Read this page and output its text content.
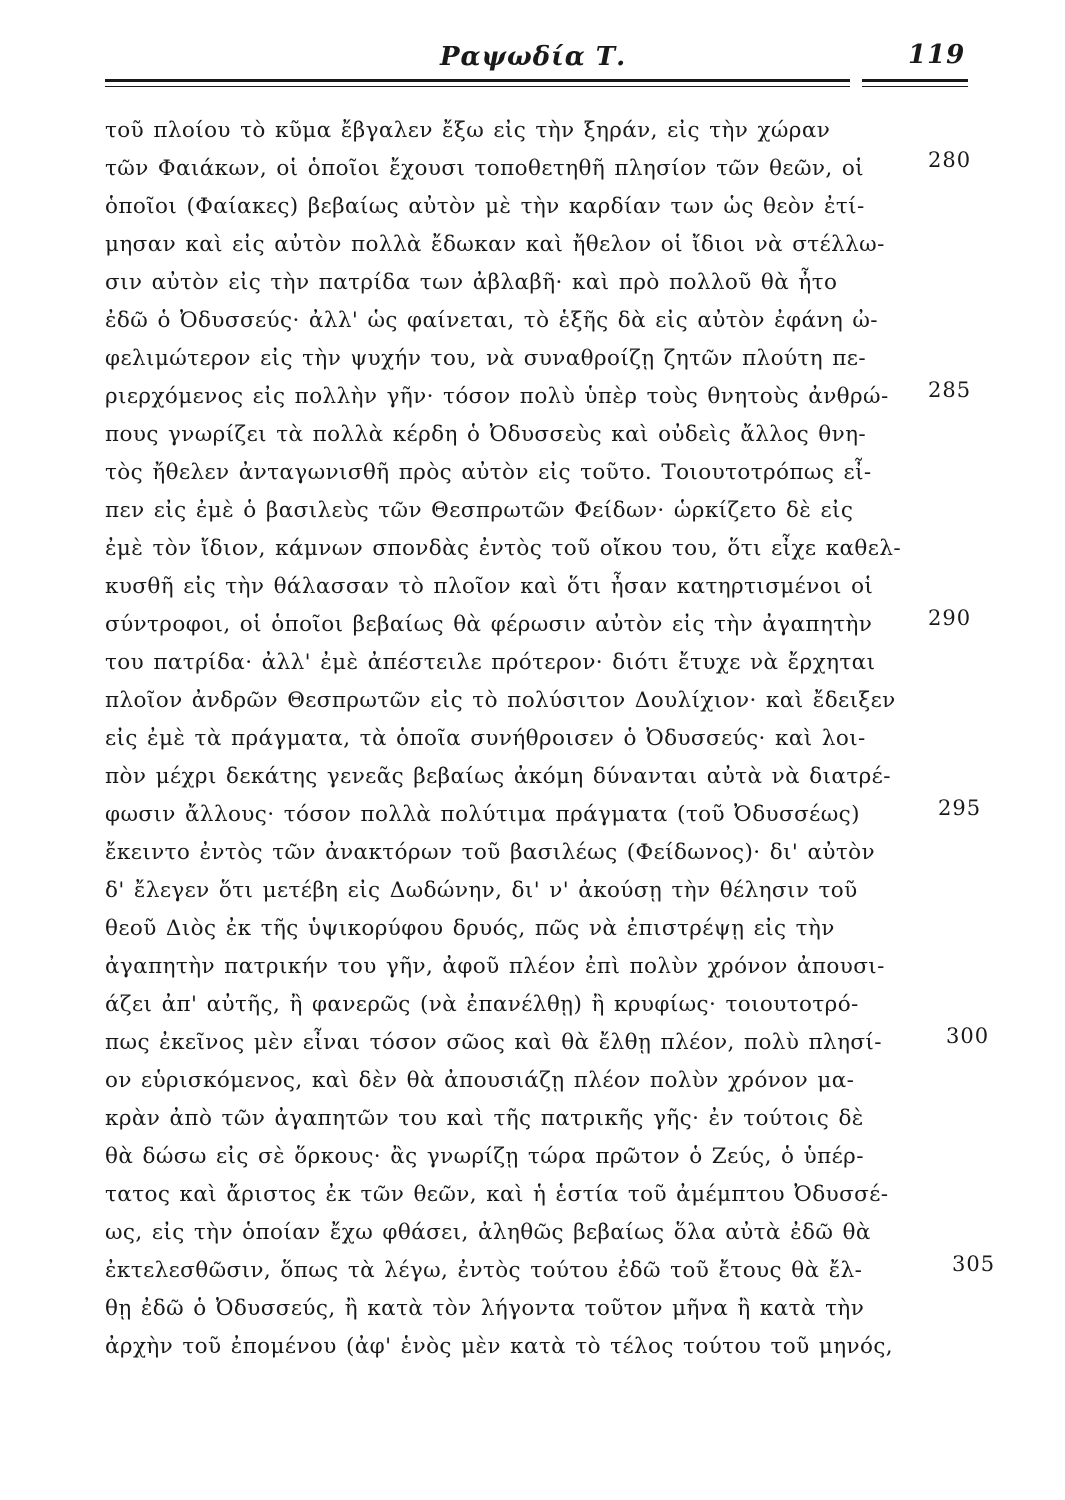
Ραψωδία Τ.	119
τοῦ πλοίου τὸ κῦμα ἔβγαλεν ἔξω εἰς τὴν ξηράν, εἰς τὴν χώραν
τῶν Φαιάκων, οἱ ὁποῖοι ἔχουσι τοποθετηθῆ πλησίον τῶν θεῶν, οἱ
ὁποῖοι (Φαίακες) βεβαίως αὐτὸν μὲ τὴν καρδίαν των ὡς θεὸν ἐτί-
μησαν καὶ εἰς αὐτὸν πολλὰ ἔδωκαν καὶ ἤθελον οἱ ἴδιοι νὰ στέλλω-
σιν αὐτὸν εἰς τὴν πατρίδα των ἀβλαβῆ· καὶ πρὸ πολλοῦ θὰ ἦτο
ἐδῶ ὁ Ὀδυσσεύς· ἀλλ' ὡς φαίνεται, τὸ ἑξῆς δὰ εἰς αὐτὸν ἐφάνη ὠ-
φελιμώτερον εἰς τὴν ψυχήν του, νὰ συναθροίζῃ ζητῶν πλούτη πε-
ριερχόμενος εἰς πολλὴν γῆν· τόσον πολὺ ὑπὲρ τοὺς θνητοὺς ἀνθρώ-
πους γνωρίζει τὰ πολλὰ κέρδη ὁ Ὀδυσσεὺς καὶ οὐδεὶς ἄλλος θνη-
τὸς ἤθελεν ἀνταγωνισθῆ πρὸς αὐτὸν εἰς τοῦτο. Τοιουτοτρόπως εἶ-
πεν εἰς ἐμὲ ὁ βασιλεὺς τῶν Θεσπρωτῶν Φείδων· ὡρκίζετο δὲ εἰς
ἐμὲ τὸν ἴδιον, κάμνων σπονδὰς ἐντὸς τοῦ οἴκου του, ὅτι εἶχε καθελ-
κυσθῆ εἰς τὴν θάλασσαν τὸ πλοῖον καὶ ὅτι ἦσαν κατηρτισμένοι οἱ
σύντροφοι, οἱ ὁποῖοι βεβαίως θὰ φέρωσιν αὐτὸν εἰς τὴν ἀγαπητὴν
του πατρίδα· ἀλλ' ἐμὲ ἀπέστειλε πρότερον· διότι ἔτυχε νὰ ἔρχηται
πλοῖον ἀνδρῶν Θεσπρωτῶν εἰς τὸ πολύσιτον Δουλίχιον· καὶ ἔδειξεν
εἰς ἐμὲ τὰ πράγματα, τὰ ὁποῖα συνήθροισεν ὁ Ὀδυσσεύς· καὶ λοι-
πὸν μέχρι δεκάτης γενεᾶς βεβαίως ἀκόμη δύνανται αὐτὰ νὰ διατρέ-
φωσιν ἄλλους· τόσον πολλὰ πολύτιμα πράγματα (τοῦ Ὀδυσσέως)
ἔκειντο ἐντὸς τῶν ἀνακτόρων τοῦ βασιλέως (Φείδωνος)· δι' αὐτὸν
δ' ἔλεγεν ὅτι μετέβη εἰς Δωδώνην, δι' ν' ἀκούσῃ τὴν θέλησιν τοῦ
θεοῦ Διὸς ἐκ τῆς ὑψικορύφου δρυός, πῶς νὰ ἐπιστρέψῃ εἰς τὴν
ἀγαπητὴν πατρικήν του γῆν, ἀφοῦ πλέον ἐπὶ πολὺν χρόνον ἀπουσι-
άζει ἀπ' αὐτῆς, ἢ φανερῶς (νὰ ἐπανέλθῃ) ἢ κρυφίως· τοιουτοτρό-
πως ἐκεῖνος μὲν εἶναι τόσον σῶος καὶ θὰ ἔλθῃ πλέον, πολὺ πλησί-
ον εὑρισκόμενος, καὶ δὲν θὰ ἀπουσιάζῃ πλέον πολὺν χρόνον μα-
κρὰν ἀπὸ τῶν ἀγαπητῶν του καὶ τῆς πατρικῆς γῆς· ἐν τούτοις δὲ
θὰ δώσω εἰς σὲ ὅρκους· ἂς γνωρίζῃ τώρα πρῶτον ὁ Ζεύς, ὁ ὑπέρ-
τατος καὶ ἄριστος ἐκ τῶν θεῶν, καὶ ἡ ἑστία τοῦ ἀμέμπτου Ὀδυσσέ-
ως, εἰς τὴν ὁποίαν ἔχω φθάσει, ἀληθῶς βεβαίως ὅλα αὐτὰ ἐδῶ θὰ
ἐκτελεσθῶσιν, ὅπως τὰ λέγω, ἐντὸς τούτου ἐδῶ τοῦ ἔτους θὰ ἔλ-
θῃ ἐδῶ ὁ Ὀδυσσεύς, ἢ κατὰ τὸν λήγοντα τοῦτον μῆνα ἢ κατὰ τὴν
ἀρχὴν τοῦ ἐπομένου (ἀφ' ἑνὸς μὲν κατὰ τὸ τέλος τούτου τοῦ μηνός,
280
285
290
295
300
305
